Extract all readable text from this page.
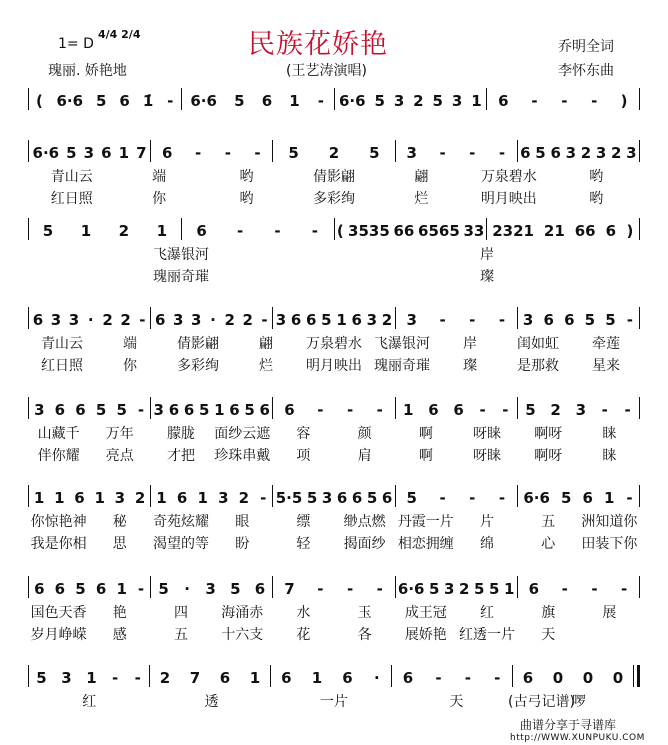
1= D
4/4 2/4	民族花娇艳	乔明全词
瑰丽. 娇艳地	(王艺涛演唱)	李怀东曲
( 6·6 5 6 1̇ - 6·6 5 6 1 - 6·6 5 3 2 5 3 1 6 - - - )
6·6 5 3 6 1 7 6 - - - 5 2 5 3 - - - 6 5 6 3 2 3 2 3
青山云	端	哟	倩影翩	翩	万泉碧水	哟
红日照	你	哟	多彩绚	烂	明月映出	哟
5 1 2 1 6 - - - ( 3535 66 6565 33 2321 21 66 6 )
飞瀑银河	岸
瑰丽奇璀	璨
6 3 3 · 2 2 - 6 3 3 · 2 2 - 3 6 6 5 1 6 3 2 3 - - - 3 6 6 5 5 -
青山云	端	倩影翩	翩	万泉碧水 飞瀑银河	岸	闺如虹	牵莲
红日照	你	多彩绚	烂	明月映出 瑰丽奇璀	璨	是那救	星来
3 6 6 5 5 - 3 6 6 5 1 6 5 6 6 - - - 1 6 6 - - 5 2 3 - -
山藏千	万年	朦胧	面纱云遮	容	颜	啊	呀睐	啊呀	睐
伴你耀	亮点	才把	珍珠串戴	项	肩	啊	呀睐	啊呀	睐
1 1 6 1 3 2 1 6 1 3 2 - 5·5 5 3 6 6 5 6 5 - - - 6·6 5 6 1 -
你惊艳神	秘	奇苑炫耀	眼	缥	缈点燃 丹霞一片	片	五	洲知道你
我是你相	思	渴望的等	盼	轻	揭面纱 相恋拥缠	绵	心	田装下你
6 6 5 6 1 - 5 · 3 5 6 7 - - - 6·6 5 3 2 5 5 1 6 - - -
国色天香	艳	四	海涌赤	水	玉	成王冠	红	旗	展
岁月峥嵘	感	五	十六支	花	各	展娇艳 红透一片	天
5 3 1 - - 2 7 6 1 6 1 6 · 6 - - - 6 0 0 0
红	透	一片	天	啰
(古弓记谱)
曲谱分享于寻谱库
http://WWW.XUNPUKU.COM
